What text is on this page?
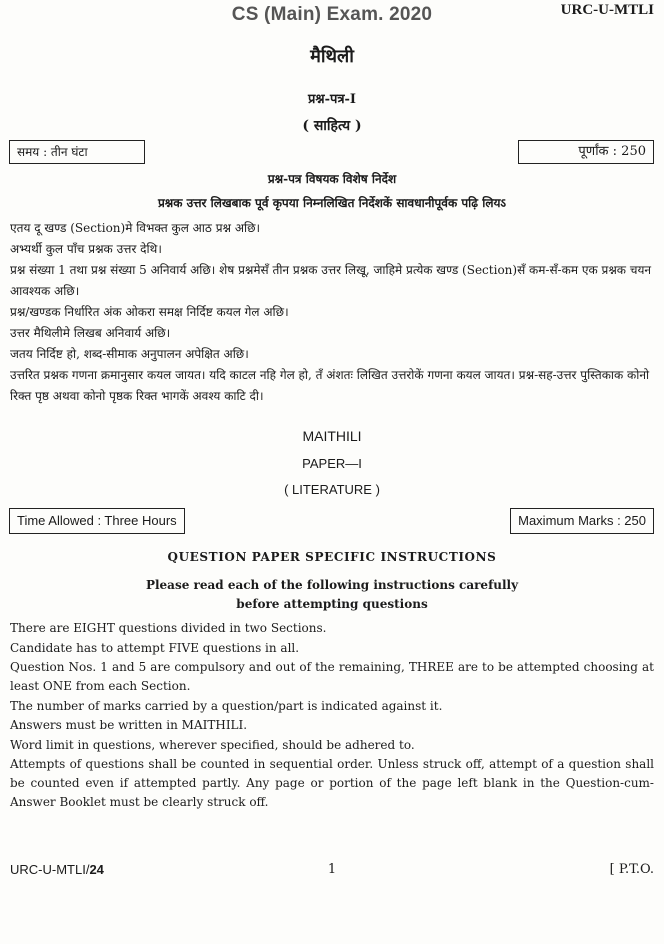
CS (Main) Exam. 2020	URC-U-MTLI
मैथिली
प्रश्न-पत्र-I
( साहित्य )
समय : तीन घंटा	पूर्णांक : 250
प्रश्न-पत्र विषयक विशेष निर्देश
प्रश्नक उत्तर लिखबाक पूर्व कृपया निम्नलिखित निर्देशकें सावधानीपूर्वक पढ़ि लियऽ
एतय दू खण्ड (Section)मे विभक्त कुल आठ प्रश्न अछि।
अभ्यर्थी कुल पाँच प्रश्नक उत्तर देथि।
प्रश्न संख्या 1 तथा प्रश्न संख्या 5 अनिवार्य अछि। शेष प्रश्नमेसँ तीन प्रश्नक उत्तर लिखू, जाहिमे प्रत्येक खण्ड (Section)सँ कम-सँ-कम एक प्रश्नक चयन आवश्यक अछि।
प्रश्न/खण्डक निर्धारित अंक ओकरा समक्ष निर्दिष्ट कयल गेल अछि।
उत्तर मैथिलीमे लिखब अनिवार्य अछि।
जतय निर्दिष्ट हो, शब्द-सीमाक अनुपालन अपेक्षित अछि।
उत्तरित प्रश्नक गणना क्रमानुसार कयल जायत। यदि काटल नहि गेल हो, तँ अंशतः लिखित उत्तरोकें गणना कयल जायत। प्रश्न-सह-उत्तर पुस्तिकाक कोनो रिक्त पृष्ठ अथवा कोनो पृष्ठक रिक्त भागकें अवश्य काटि दी।
MAITHILI
PAPER—I
( LITERATURE )
Time Allowed : Three Hours	Maximum Marks : 250
QUESTION PAPER SPECIFIC INSTRUCTIONS
Please read each of the following instructions carefully
before attempting questions
There are EIGHT questions divided in two Sections.
Candidate has to attempt FIVE questions in all.
Question Nos. 1 and 5 are compulsory and out of the remaining, THREE are to be attempted choosing at least ONE from each Section.
The number of marks carried by a question/part is indicated against it.
Answers must be written in MAITHILI.
Word limit in questions, wherever specified, should be adhered to.
Attempts of questions shall be counted in sequential order. Unless struck off, attempt of a question shall be counted even if attempted partly. Any page or portion of the page left blank in the Question-cum-Answer Booklet must be clearly struck off.
URC-U-MTLI/24	1	[ P.T.O.
